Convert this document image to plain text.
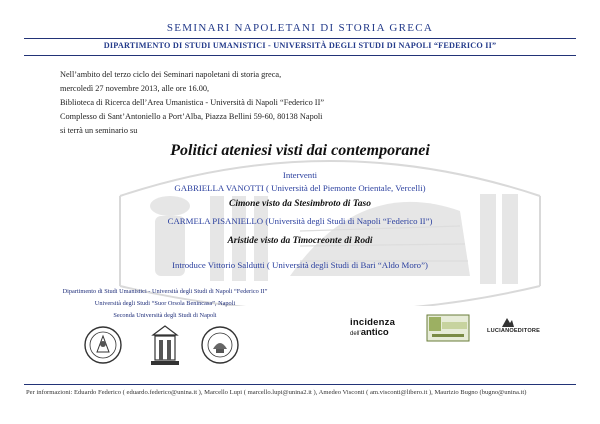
SEMINARI NAPOLETANI DI STORIA GRECA
DIPARTIMENTO DI STUDI UMANISTICI - UNIVERSITÀ DEGLI STUDI DI NAPOLI “FEDERICO II”
Nell’ambito del terzo ciclo dei Seminari napoletani di storia greca,
mercoledì 27 novembre 2013, alle ore 16.00,
Biblioteca di Ricerca dell’Area Umanistica - Università di Napoli “Federico II”
Complesso di Sant’Antoniello a Port’Alba, Piazza Bellini 59-60, 80138 Napoli
si terrà un seminario su
Politici ateniesi visti dai contemporanei
Interventi
GABRIELLA VANOTTI ( Università del Piemonte Orientale, Vercelli)
Cimone visto da Stesimbroto di Taso
CARMELA PISANIELLO (Università degli Studi di Napoli “Federico II”)
Aristide visto da Timocreonte di Rodi
Introduce Vittorio Saldutti ( Università degli Studi di Bari “Aldo Moro”)
Dipartimento di Studi Umanistici - Università degli Studi di Napoli “Federico II”
Università degli Studi “Suor Orsola Benincasa”, Napoli
Seconda Università degli Studi di Napoli
incidenza
dell’antico	LUCIANOEDITORE
Per informazioni: Eduardo Federico ( eduardo.federico@unina.it ), Marcello Lupi ( marcello.lupi@unina2.it ), Amedeo Visconti ( am.visconti@libero.it ), Maurizio Bugno (bugno@unina.it)
